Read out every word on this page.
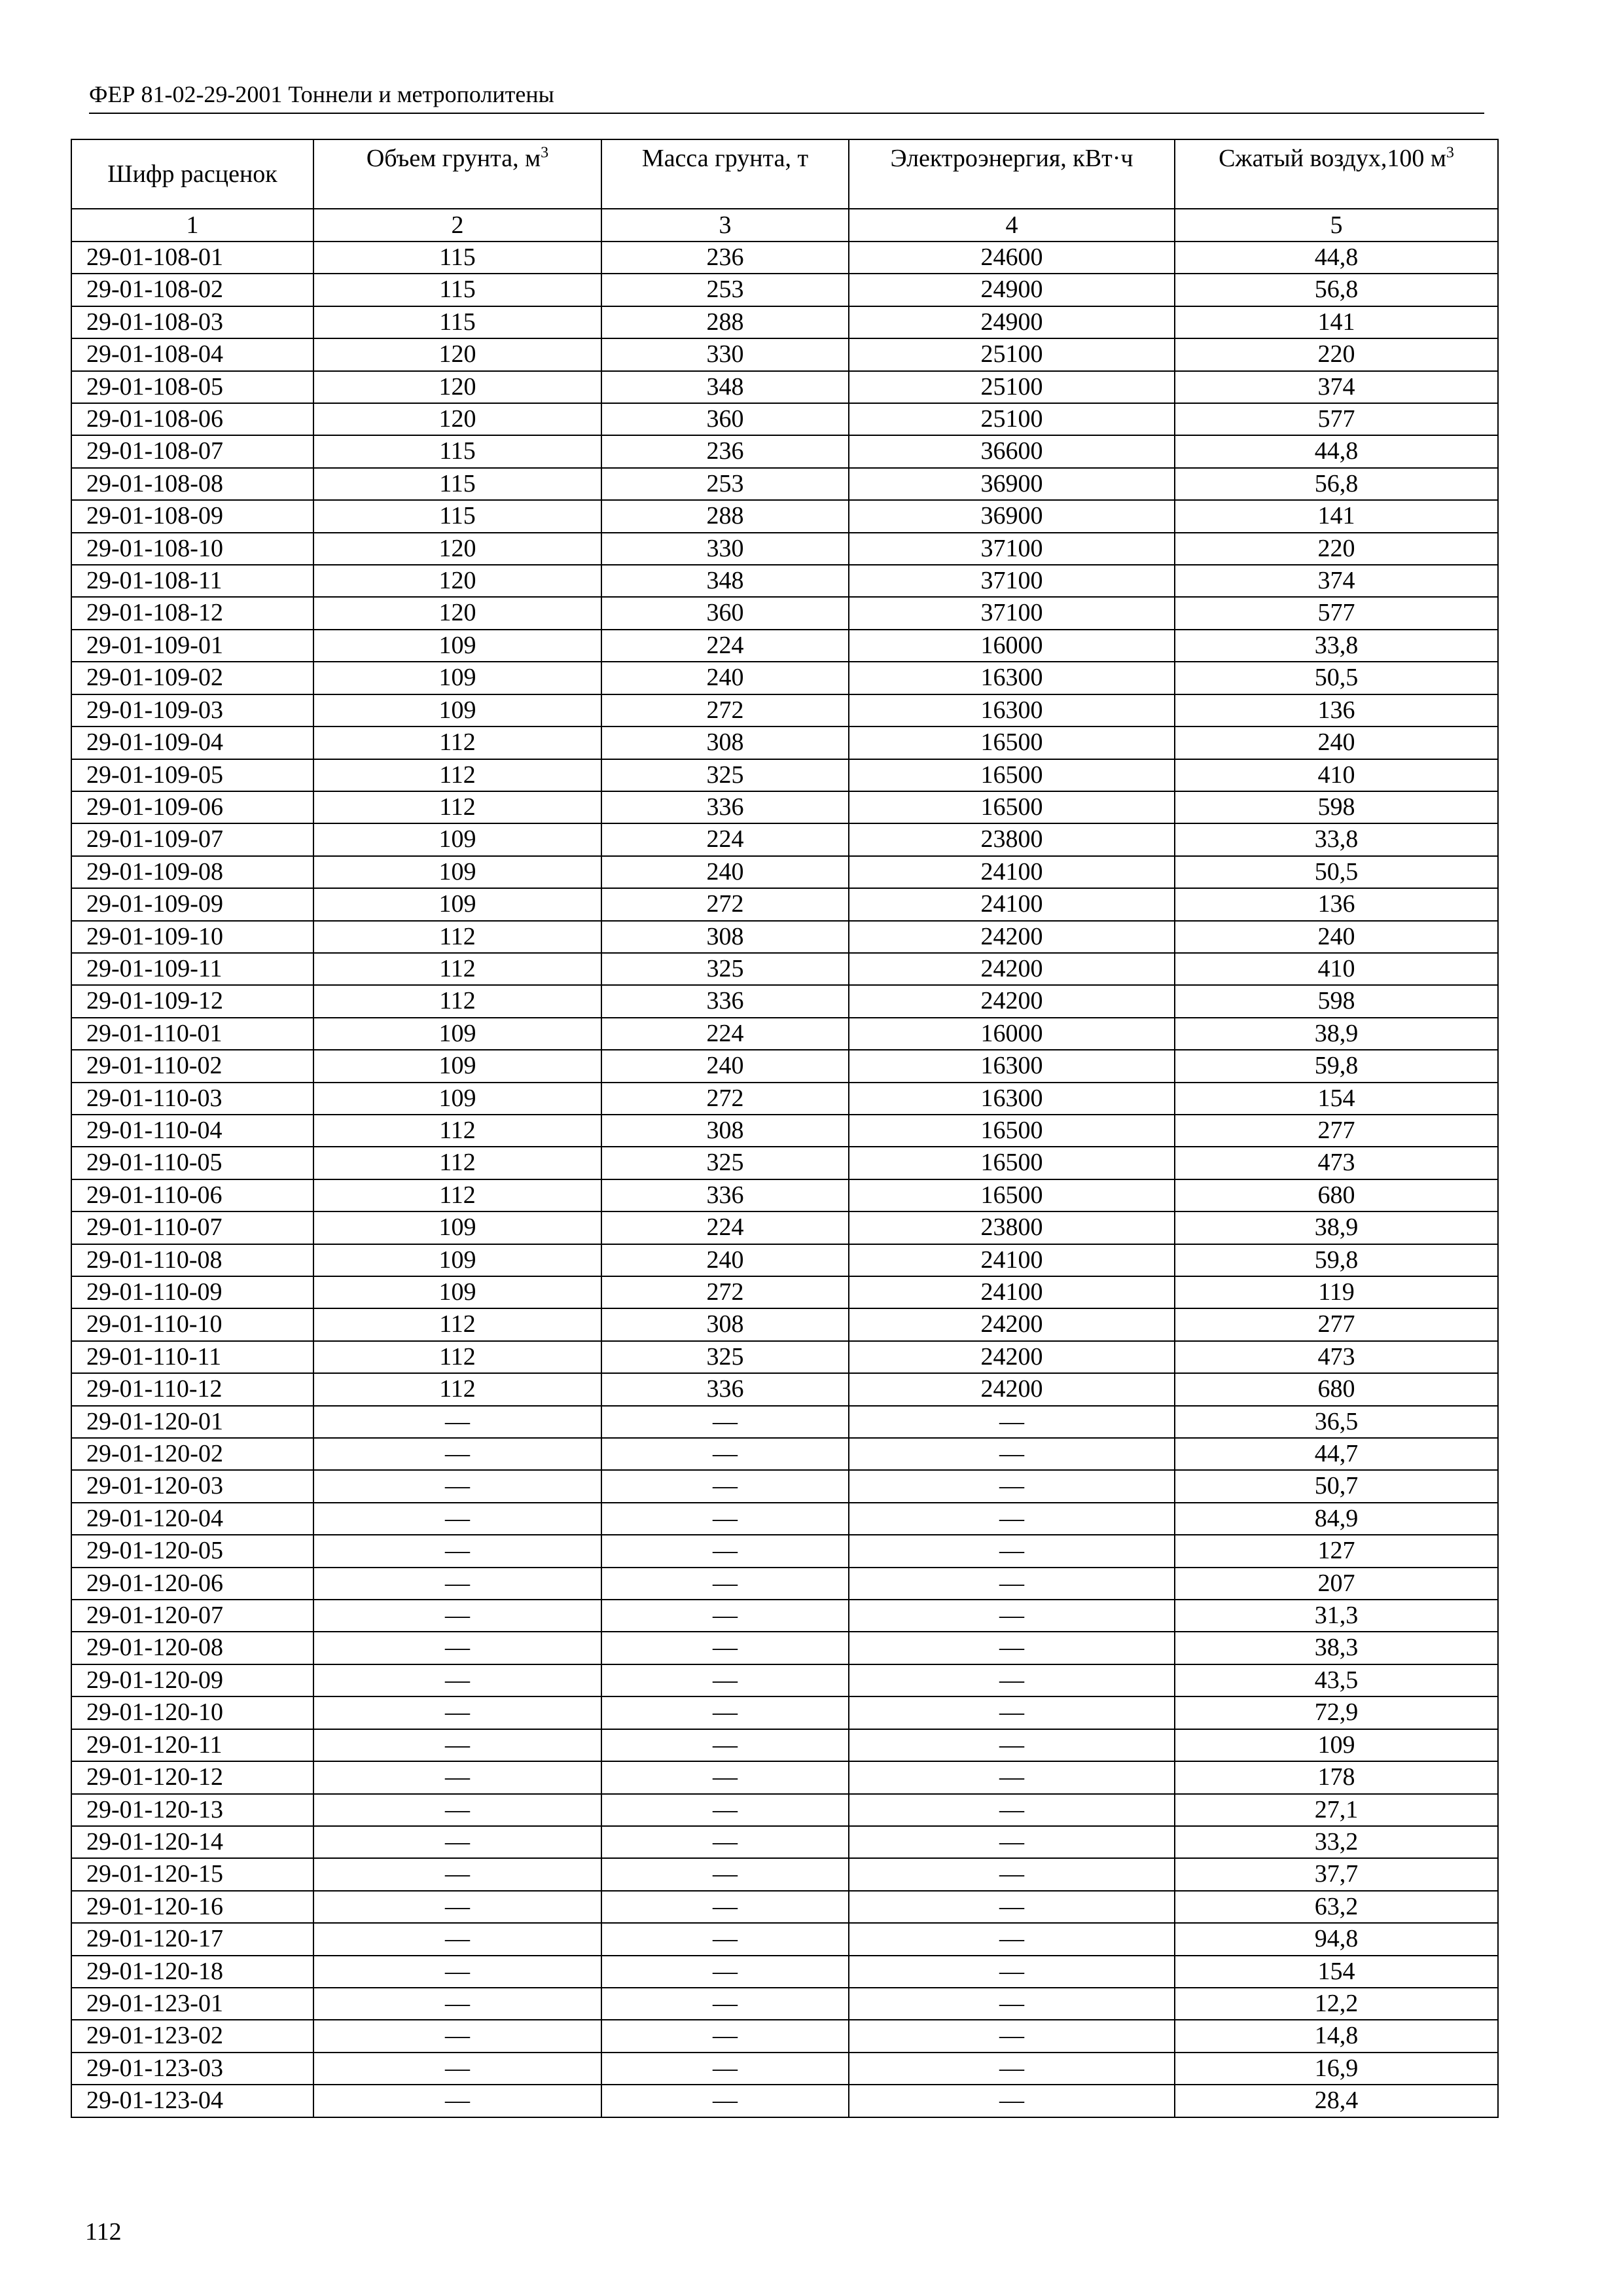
ФЕР 81-02-29-2001 Тоннели и метрополитены
Шифр расценок	Объем грунта, $м^3$	Масса грунта, т	Электроэнергия, кВт·ч	Сжатый воздух,100 $м^3$
1	2	3	4	5
29-01-108-01	115	236	24600	44,8
29-01-108-02	115	253	24900	56,8
29-01-108-03	115	288	24900	141
29-01-108-04	120	330	25100	220
29-01-108-05	120	348	25100	374
29-01-108-06	120	360	25100	577
29-01-108-07	115	236	36600	44,8
29-01-108-08	115	253	36900	56,8
29-01-108-09	115	288	36900	141
29-01-108-10	120	330	37100	220
29-01-108-11	120	348	37100	374
29-01-108-12	120	360	37100	577
29-01-109-01	109	224	16000	33,8
29-01-109-02	109	240	16300	50,5
29-01-109-03	109	272	16300	136
29-01-109-04	112	308	16500	240
29-01-109-05	112	325	16500	410
29-01-109-06	112	336	16500	598
29-01-109-07	109	224	23800	33,8
29-01-109-08	109	240	24100	50,5
29-01-109-09	109	272	24100	136
29-01-109-10	112	308	24200	240
29-01-109-11	112	325	24200	410
29-01-109-12	112	336	24200	598
29-01-110-01	109	224	16000	38,9
29-01-110-02	109	240	16300	59,8
29-01-110-03	109	272	16300	154
29-01-110-04	112	308	16500	277
29-01-110-05	112	325	16500	473
29-01-110-06	112	336	16500	680
29-01-110-07	109	224	23800	38,9
29-01-110-08	109	240	24100	59,8
29-01-110-09	109	272	24100	119
29-01-110-10	112	308	24200	277
29-01-110-11	112	325	24200	473
29-01-110-12	112	336	24200	680
29-01-120-01	—	—	—	36,5
29-01-120-02	—	—	—	44,7
29-01-120-03	—	—	—	50,7
29-01-120-04	—	—	—	84,9
29-01-120-05	—	—	—	127
29-01-120-06	—	—	—	207
29-01-120-07	—	—	—	31,3
29-01-120-08	—	—	—	38,3
29-01-120-09	—	—	—	43,5
29-01-120-10	—	—	—	72,9
29-01-120-11	—	—	—	109
29-01-120-12	—	—	—	178
29-01-120-13	—	—	—	27,1
29-01-120-14	—	—	—	33,2
29-01-120-15	—	—	—	37,7
29-01-120-16	—	—	—	63,2
29-01-120-17	—	—	—	94,8
29-01-120-18	—	—	—	154
29-01-123-01	—	—	—	12,2
29-01-123-02	—	—	—	14,8
29-01-123-03	—	—	—	16,9
29-01-123-04	—	—	—	28,4
112
